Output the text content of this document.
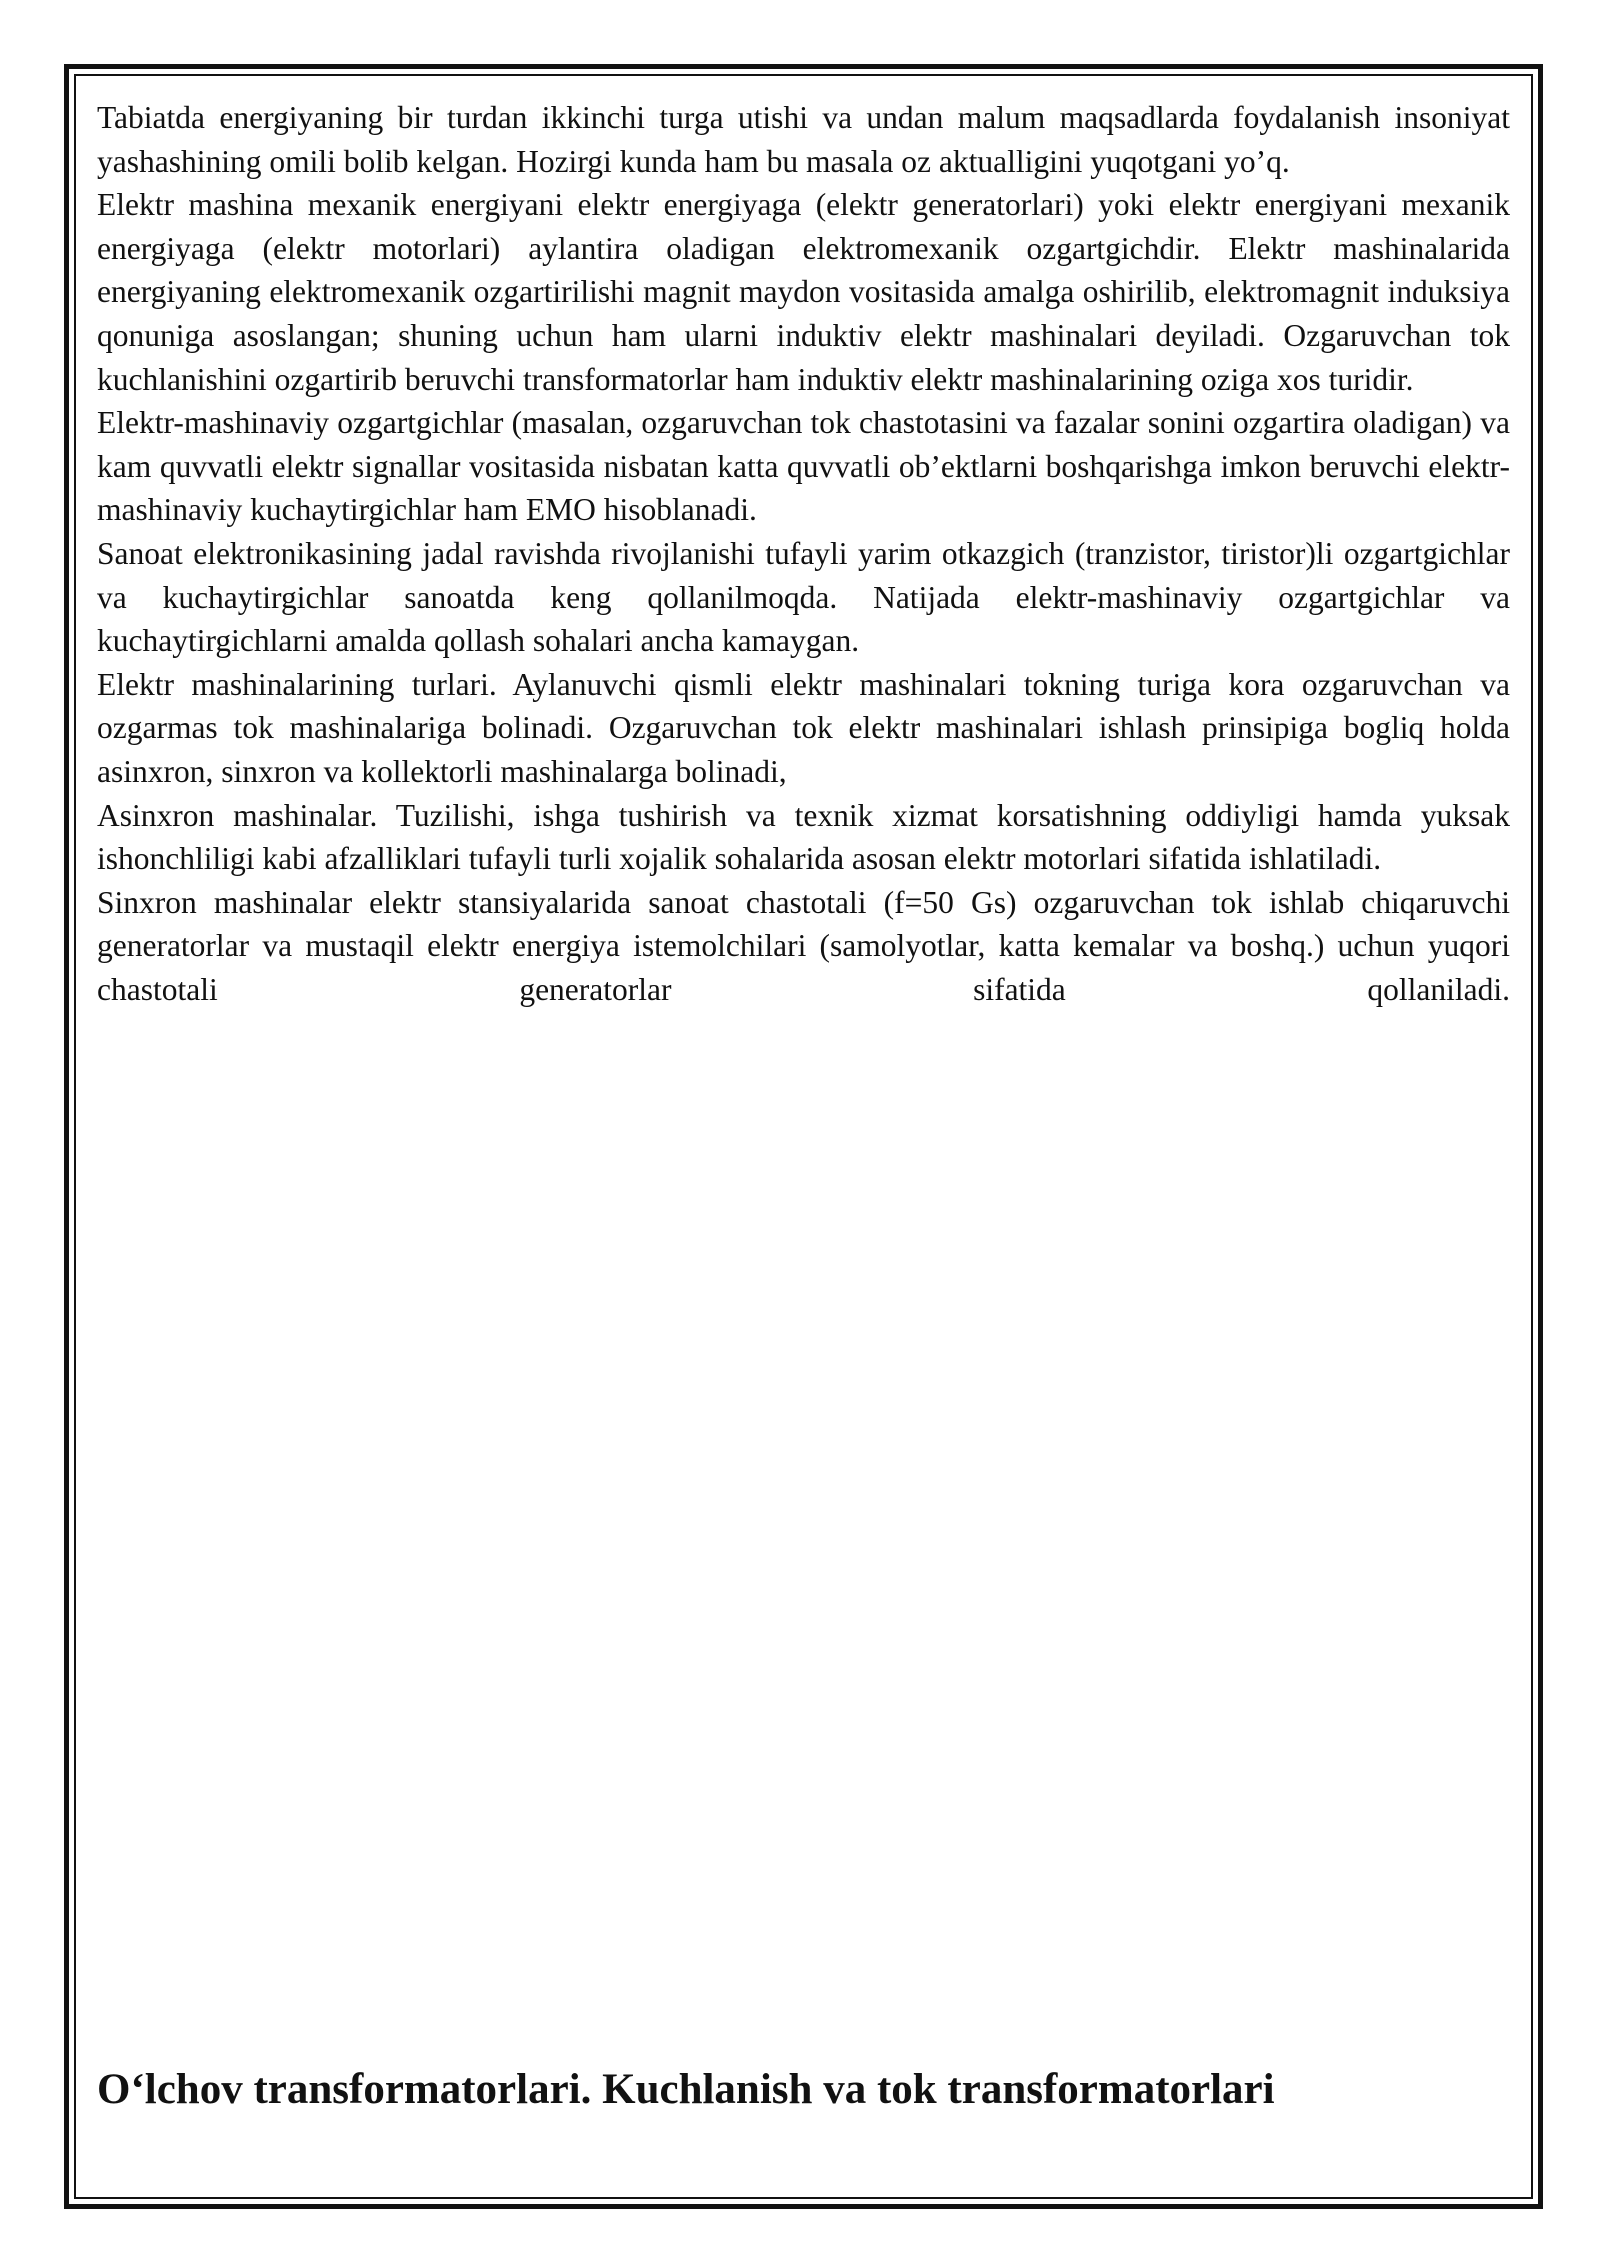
Tabiatda energiyaning bir turdan ikkinchi turga utishi va undan malum maqsadlarda foydalanish insoniyat yashashining omili bolib kelgan. Hozirgi kunda ham bu masala oz aktualligini yuqotgani yo’q.

Elektr mashina mexanik energiyani elektr energiyaga (elektr generatorlari) yoki elektr energiyani mexanik energiyaga (elektr motorlari) aylantira oladigan elektromexanik ozgartgichdir. Elektr mashinalarida energiyaning elektromexanik ozgartirilishi magnit maydon vositasida amalga oshirilib, elektromagnit induksiya qonuniga asoslangan; shuning uchun ham ularni induktiv elektr mashinalari deyiladi. Ozgaruvchan tok kuchlanishini ozgartirib beruvchi transformatorlar ham induktiv elektr mashinalarining oziga xos turidir.

Elektr-mashinaviy ozgartgichlar (masalan, ozgaruvchan tok chastotasini va fazalar sonini ozgartira oladigan) va kam quvvatli elektr signallar vositasida nisbatan katta quvvatli ob’ektlarni boshqarishga imkon beruvchi elektr-mashinaviy kuchaytirgichlar ham EMO hisoblanadi.

Sanoat elektronikasining jadal ravishda rivojlanishi tufayli yarim otkazgich (tranzistor, tiristor)li ozgartgichlar va kuchaytirgichlar sanoatda keng qollanilmoqda. Natijada elektr-mashinaviy ozgartgichlar va kuchaytirgichlarni amalda qollash sohalari ancha kamaygan.

Elektr mashinalarining turlari. Aylanuvchi qismli elektr mashinalari tokning turiga kora ozgaruvchan va ozgarmas tok mashinalariga bolinadi. Ozgaruvchan tok elektr mashinalari ishlash prinsipiga bogliq holda asinxron, sinxron va kollektorli mashinalarga bolinadi,

Asinxron mashinalar. Tuzilishi, ishga tushirish va texnik xizmat korsatishning oddiyligi hamda yuksak ishonchliligi kabi afzalliklari tufayli turli xojalik sohalarida asosan elektr motorlari sifatida ishlatiladi.

Sinxron mashinalar elektr stansiyalarida sanoat chastotali (f=50 Gs) ozgaruvchan tok ishlab chiqaruvchi generatorlar va mustaqil elektr energiya istemolchilari (samolyotlar, katta kemalar va boshq.) uchun yuqori chastotali generatorlar sifatida qollaniladi.

O‘lchov transformatorlari. Kuchlanish va tok transformatorlari
